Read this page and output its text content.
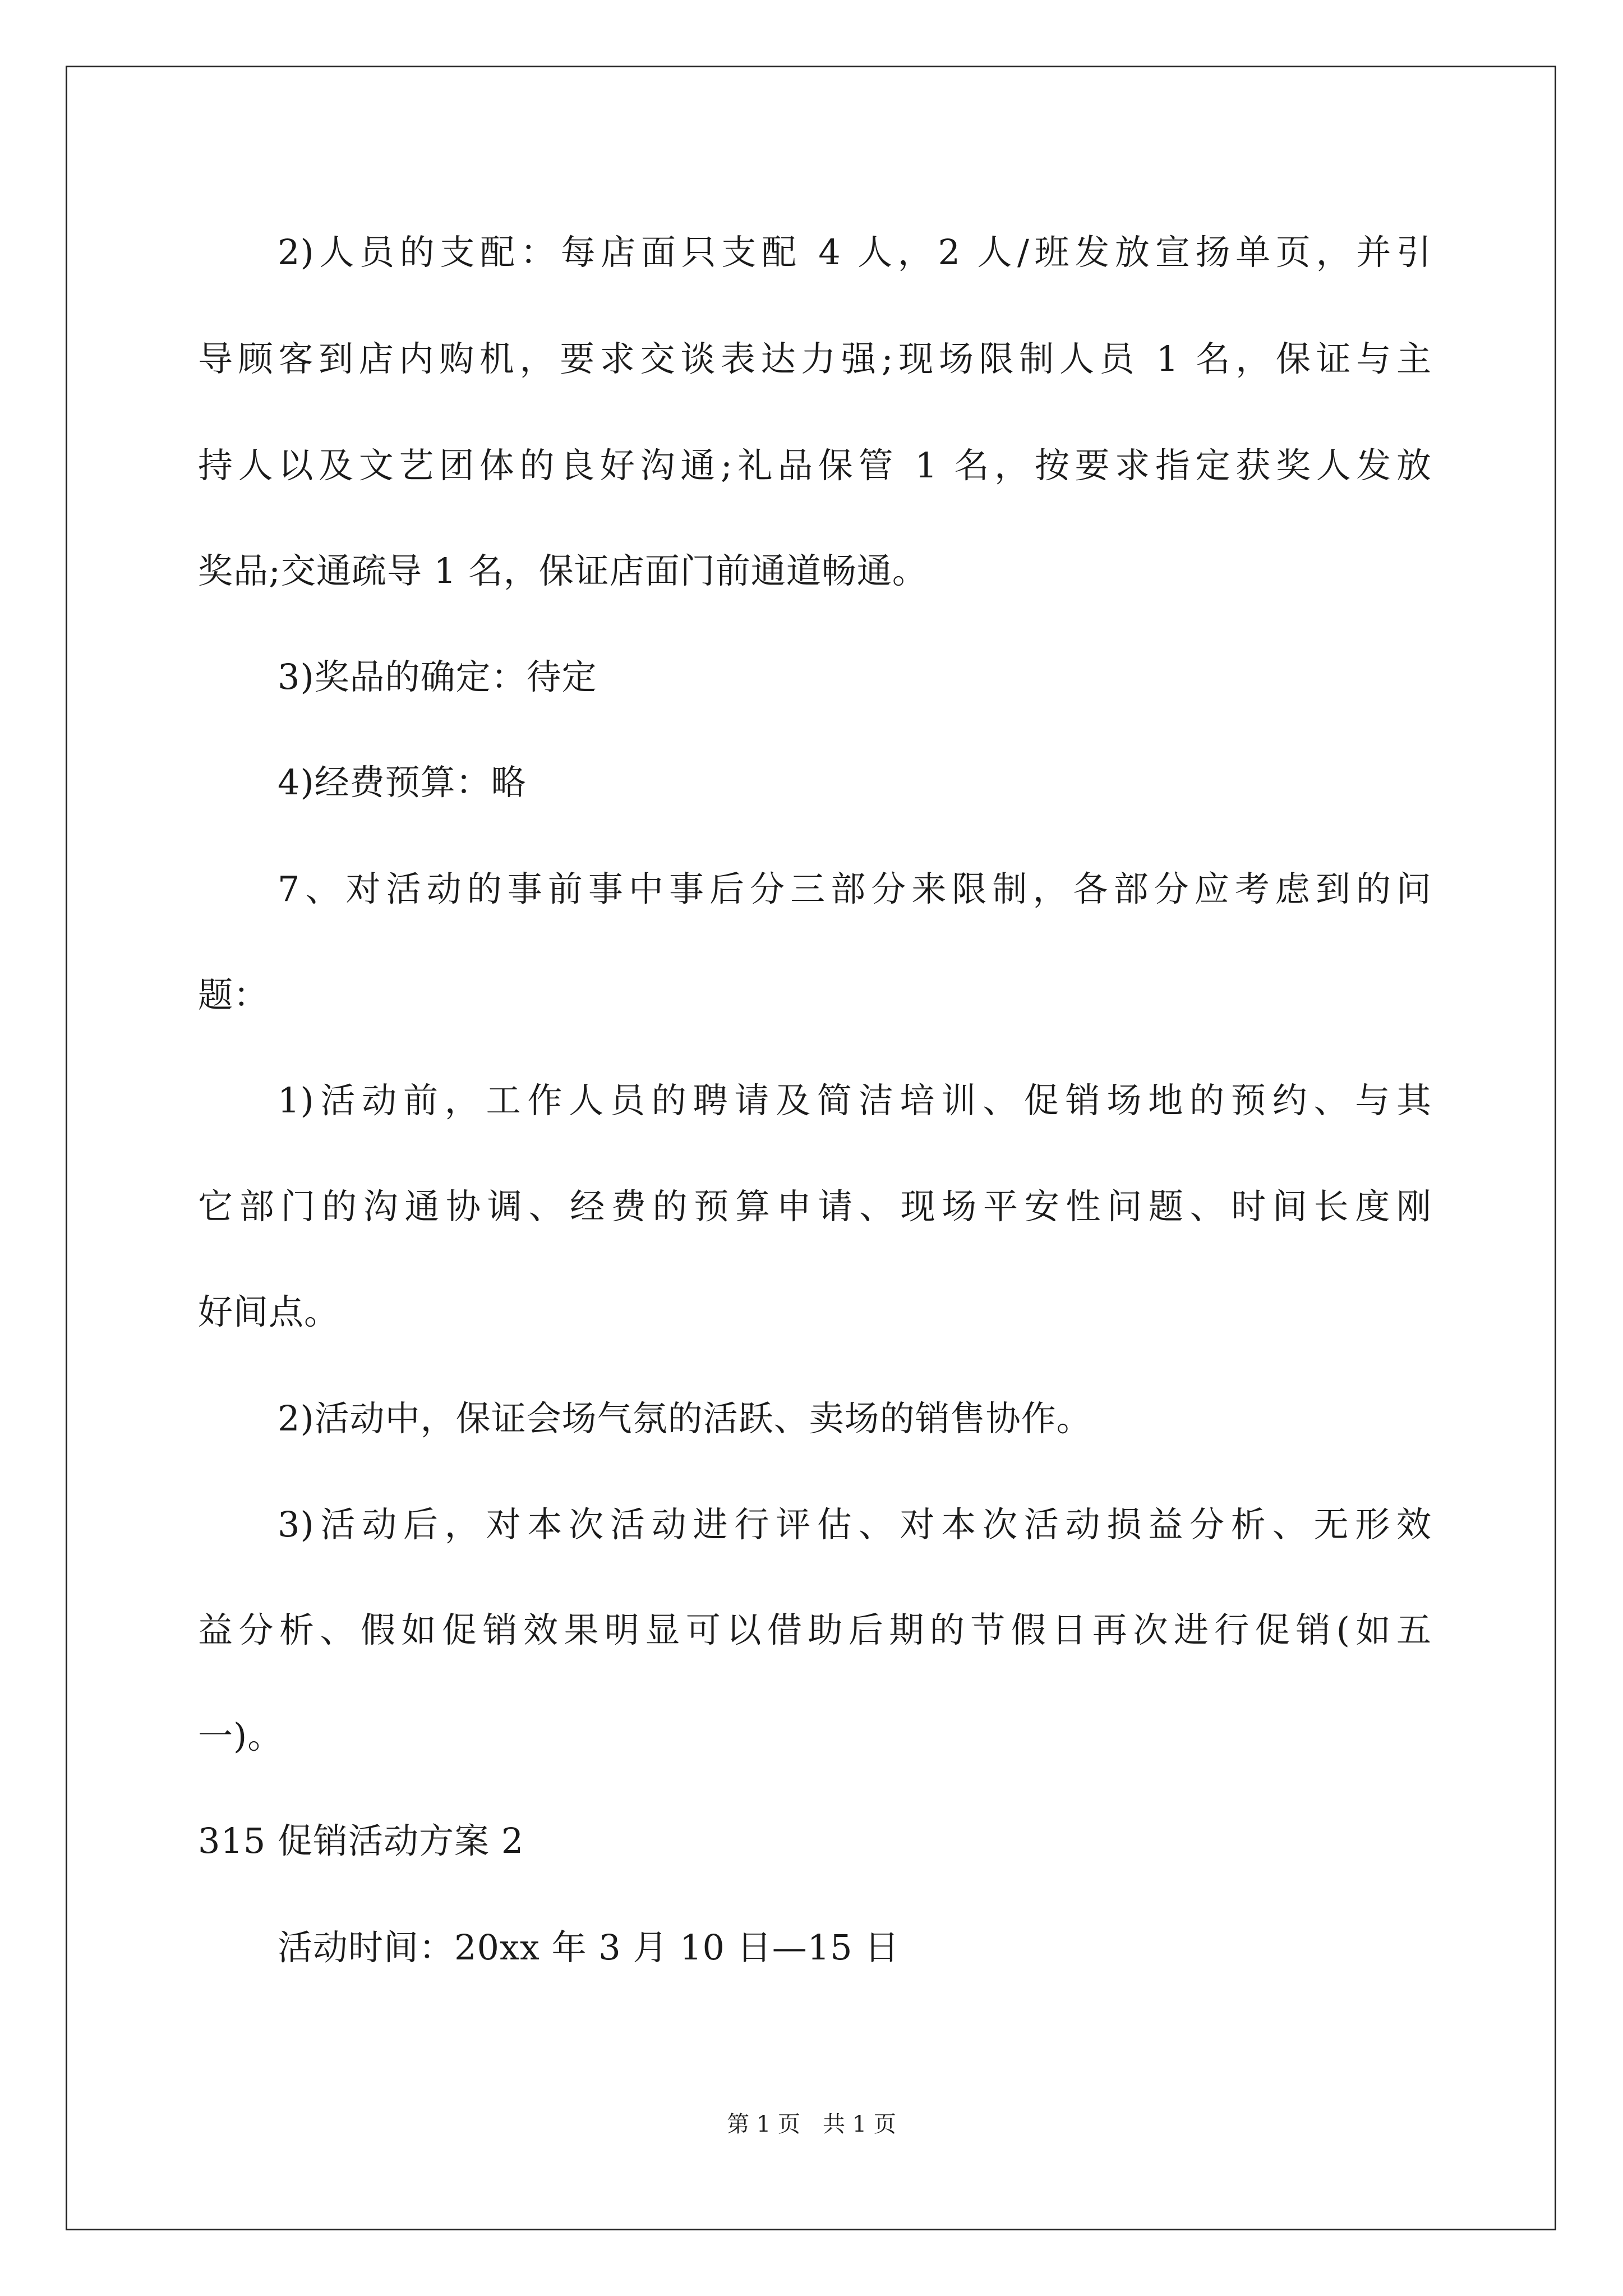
2)人员的支配：每店面只支配 4 人，2 人/班发放宣扬单页，并引
导顾客到店内购机，要求交谈表达力强;现场限制人员 1 名，保证与主
持人以及文艺团体的良好沟通;礼品保管 1 名，按要求指定获奖人发放
奖品;交通疏导 1 名，保证店面门前通道畅通。
3)奖品的确定：待定
4)经费预算：略
7、对活动的事前事中事后分三部分来限制，各部分应考虑到的问
题：
1)活动前，工作人员的聘请及简洁培训、促销场地的预约、与其
它部门的沟通协调、经费的预算申请、现场平安性问题、时间长度刚
好间点。
2)活动中，保证会场气氛的活跃、卖场的销售协作。
3)活动后，对本次活动进行评估、对本次活动损益分析、无形效
益分析、假如促销效果明显可以借助后期的节假日再次进行促销(如五
一)。
315 促销活动方案 2
活动时间：20xx 年 3 月 10 日—15 日
第 1 页　共 1 页
